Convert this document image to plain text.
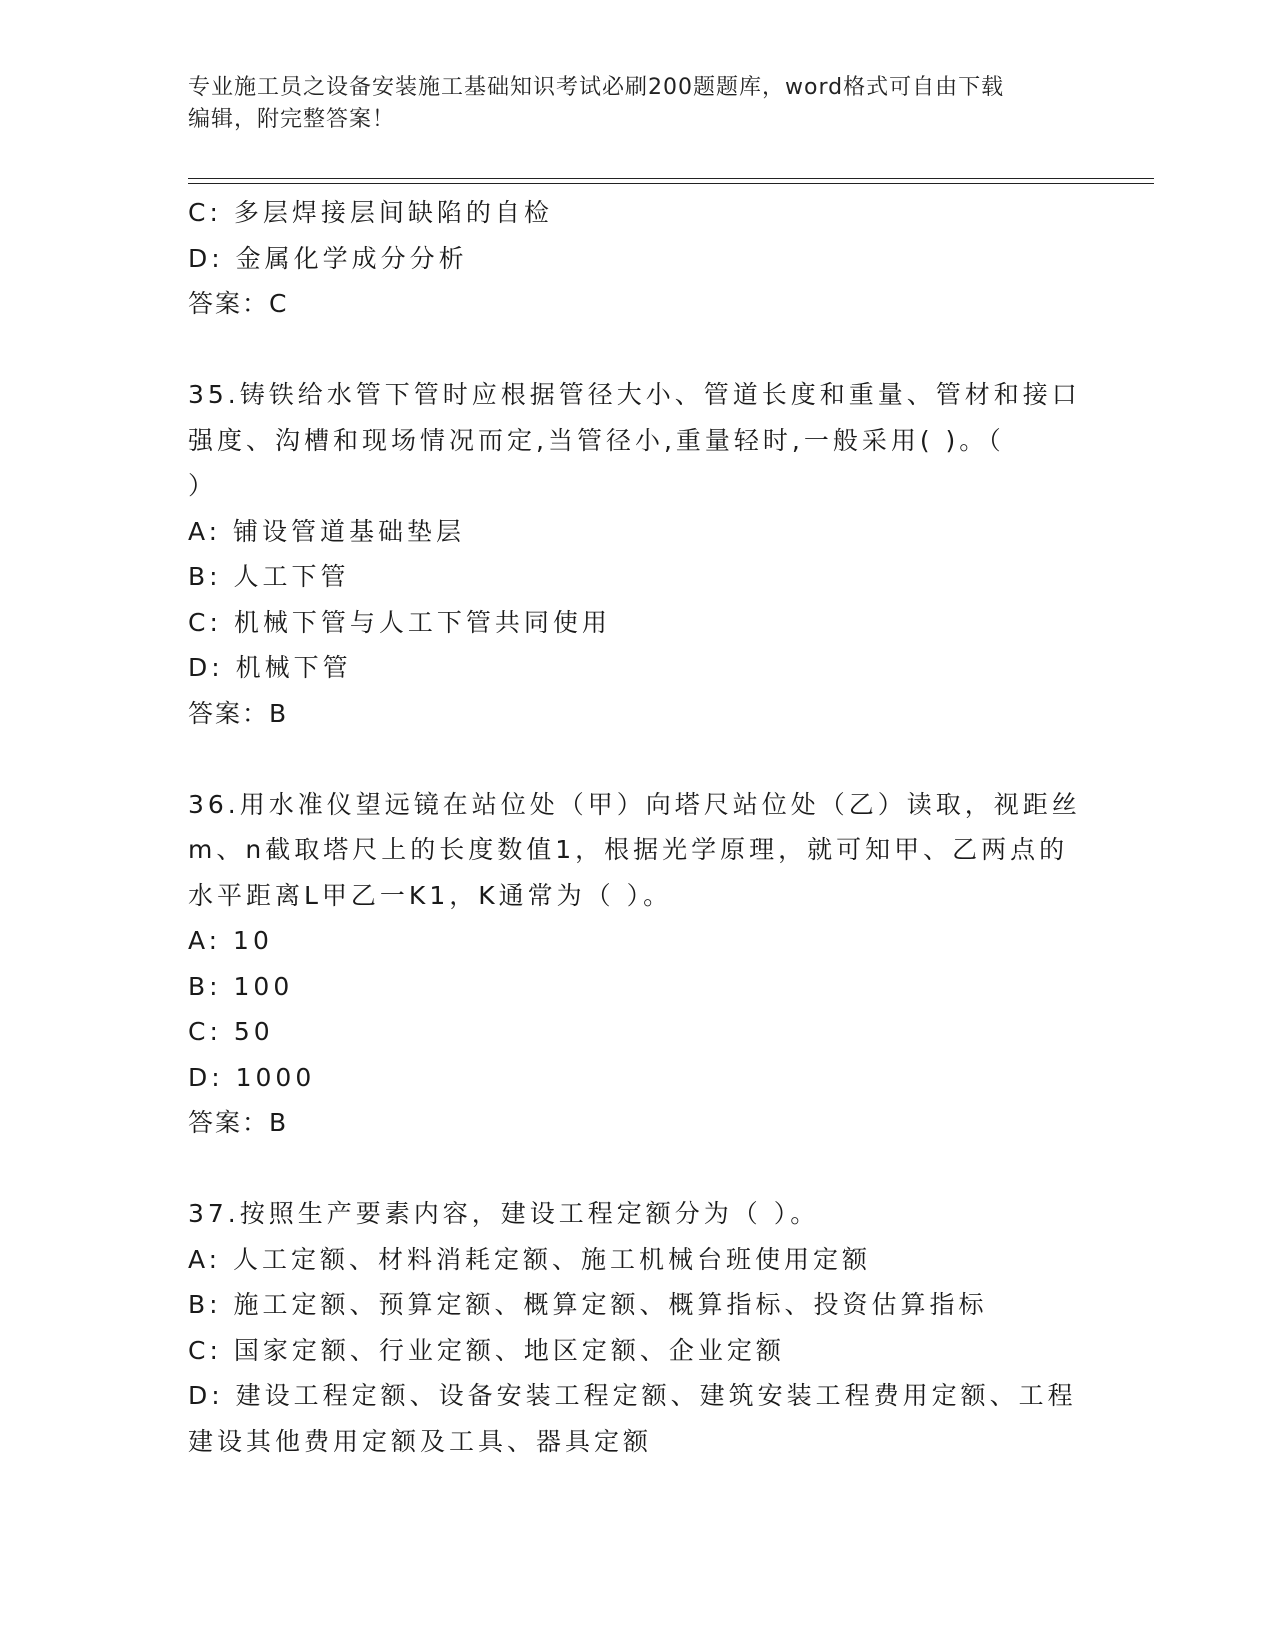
专业施工员之设备安装施工基础知识考试必刷200题题库，word格式可自由下载
编辑，附完整答案！
C: 多层焊接层间缺陷的自检
D: 金属化学成分分析
答案：C
35.铸铁给水管下管时应根据管径大小、管道长度和重量、管材和接口
强度、沟槽和现场情况而定,当管径小,重量轻时,一般采用( )。（
）
A: 铺设管道基础垫层
B: 人工下管
C: 机械下管与人工下管共同使用
D: 机械下管
答案：B
36.用水准仪望远镜在站位处（甲）向塔尺站位处（乙）读取，视距丝
m、n截取塔尺上的长度数值1，根据光学原理，就可知甲、乙两点的
水平距离L甲乙一K1，K通常为（ ）。
A: 10
B: 100
C: 50
D: 1000
答案：B
37.按照生产要素内容，建设工程定额分为（ ）。
A: 人工定额、材料消耗定额、施工机械台班使用定额
B: 施工定额、预算定额、概算定额、概算指标、投资估算指标
C: 国家定额、行业定额、地区定额、企业定额
D: 建设工程定额、设备安装工程定额、建筑安装工程费用定额、工程
建设其他费用定额及工具、器具定额
